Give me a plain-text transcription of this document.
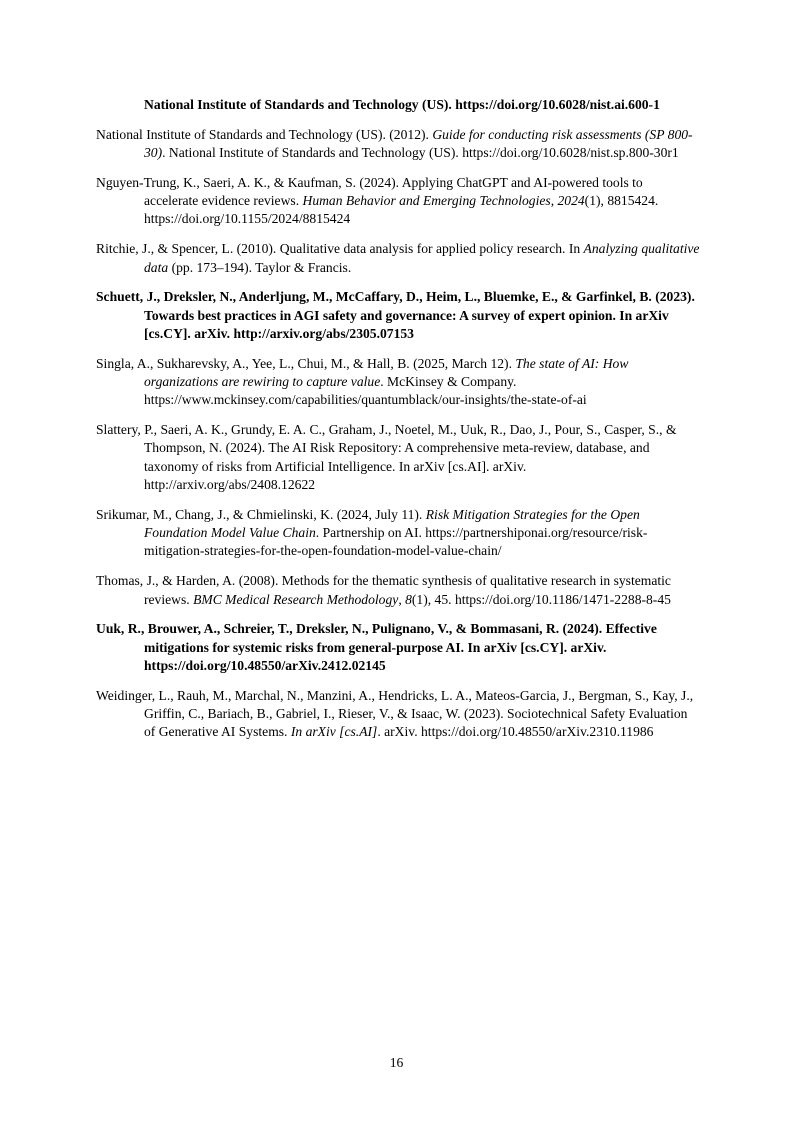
National Institute of Standards and Technology (US). https://doi.org/10.6028/nist.ai.600-1

National Institute of Standards and Technology (US). (2012). Guide for conducting risk assessments (SP 800-30). National Institute of Standards and Technology (US). https://doi.org/10.6028/nist.sp.800-30r1

Nguyen-Trung, K., Saeri, A. K., & Kaufman, S. (2024). Applying ChatGPT and AI-powered tools to accelerate evidence reviews. Human Behavior and Emerging Technologies, 2024(1), 8815424. https://doi.org/10.1155/2024/8815424

Ritchie, J., & Spencer, L. (2010). Qualitative data analysis for applied policy research. In Analyzing qualitative data (pp. 173–194). Taylor & Francis.

Schuett, J., Dreksler, N., Anderljung, M., McCaffary, D., Heim, L., Bluemke, E., & Garfinkel, B. (2023). Towards best practices in AGI safety and governance: A survey of expert opinion. In arXiv [cs.CY]. arXiv. http://arxiv.org/abs/2305.07153

Singla, A., Sukharevsky, A., Yee, L., Chui, M., & Hall, B. (2025, March 12). The state of AI: How organizations are rewiring to capture value. McKinsey & Company. https://www.mckinsey.com/capabilities/quantumblack/our-insights/the-state-of-ai

Slattery, P., Saeri, A. K., Grundy, E. A. C., Graham, J., Noetel, M., Uuk, R., Dao, J., Pour, S., Casper, S., & Thompson, N. (2024). The AI Risk Repository: A comprehensive meta-review, database, and taxonomy of risks from Artificial Intelligence. In arXiv [cs.AI]. arXiv. http://arxiv.org/abs/2408.12622

Srikumar, M., Chang, J., & Chmielinski, K. (2024, July 11). Risk Mitigation Strategies for the Open Foundation Model Value Chain. Partnership on AI. https://partnershiponai.org/resource/risk-mitigation-strategies-for-the-open-foundation-model-value-chain/

Thomas, J., & Harden, A. (2008). Methods for the thematic synthesis of qualitative research in systematic reviews. BMC Medical Research Methodology, 8(1), 45. https://doi.org/10.1186/1471-2288-8-45

Uuk, R., Brouwer, A., Schreier, T., Dreksler, N., Pulignano, V., & Bommasani, R. (2024). Effective mitigations for systemic risks from general-purpose AI. In arXiv [cs.CY]. arXiv. https://doi.org/10.48550/arXiv.2412.02145

Weidinger, L., Rauh, M., Marchal, N., Manzini, A., Hendricks, L. A., Mateos-Garcia, J., Bergman, S., Kay, J., Griffin, C., Bariach, B., Gabriel, I., Rieser, V., & Isaac, W. (2023). Sociotechnical Safety Evaluation of Generative AI Systems. In arXiv [cs.AI]. arXiv. https://doi.org/10.48550/arXiv.2310.11986

16
